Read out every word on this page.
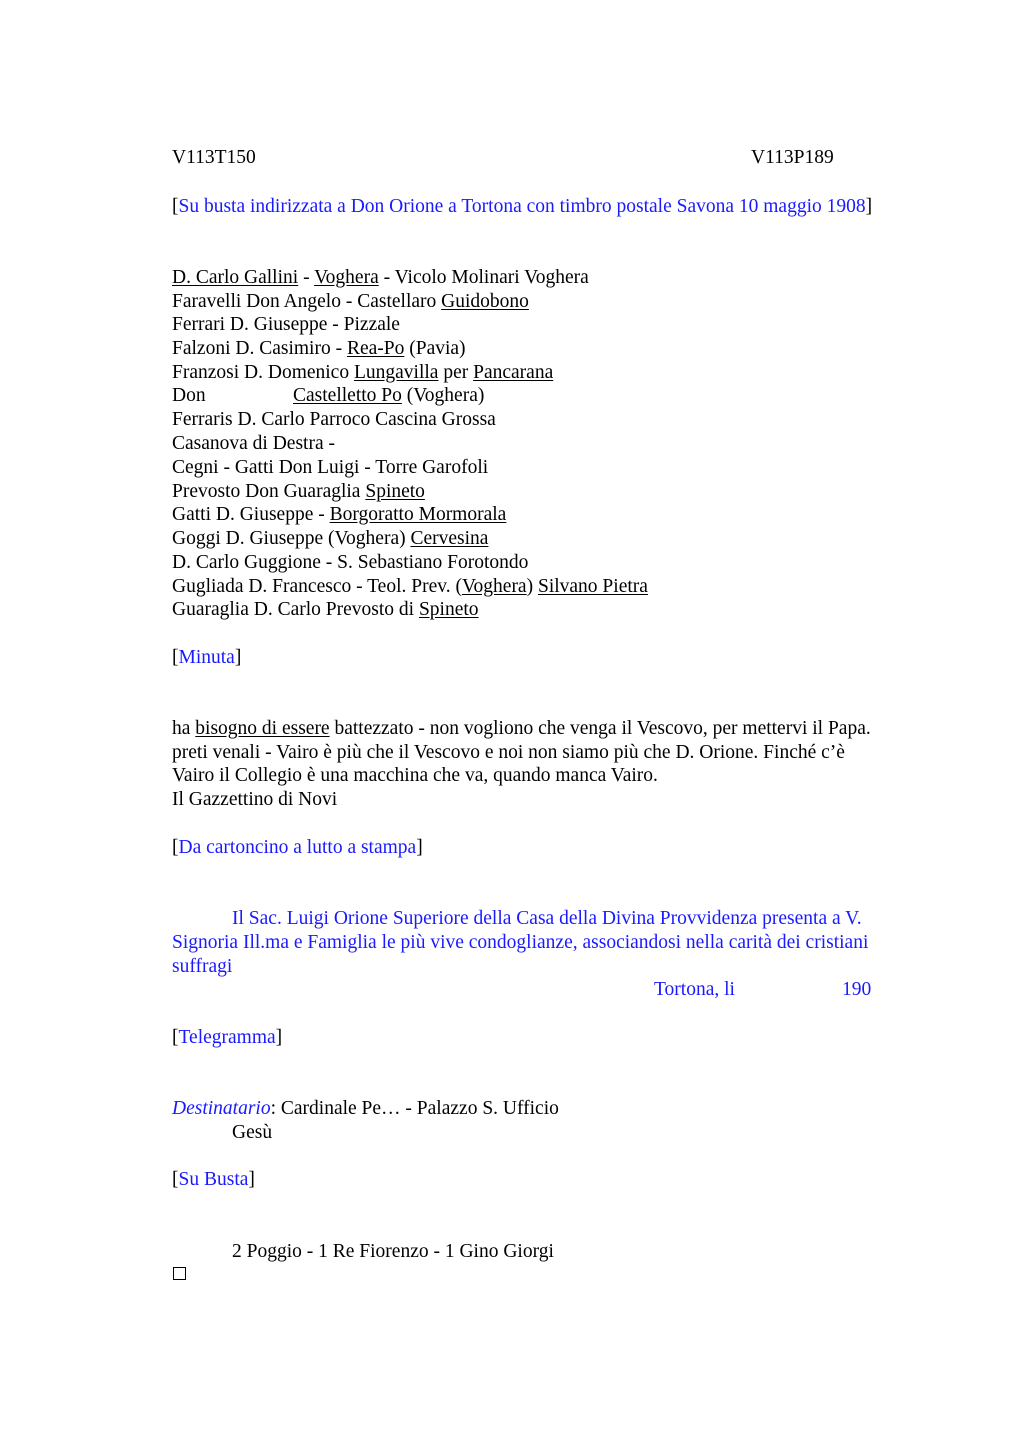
V113T150	V113P189
[Su busta indirizzata a Don Orione a Tortona con timbro postale Savona 10 maggio 1908]
D. Carlo Gallini - Voghera - Vicolo Molinari Voghera
Faravelli Don Angelo - Castellaro Guidobono
Ferrari D. Giuseppe - Pizzale
Falzoni D. Casimiro - Rea-Po (Pavia)
Franzosi D. Domenico Lungavilla per Pancarana
Don	Castelletto Po (Voghera)
Ferraris D. Carlo Parroco Cascina Grossa
Casanova di Destra -
Cegni - Gatti Don Luigi - Torre Garofoli
Prevosto Don Guaraglia Spineto
Gatti D. Giuseppe - Borgoratto Mormorala
Goggi D. Giuseppe (Voghera) Cervesina
D. Carlo Guggione - S. Sebastiano Forotondo
Gugliada D. Francesco - Teol. Prev. (Voghera) Silvano Pietra
Guaraglia D. Carlo Prevosto di Spineto
[Minuta]
ha bisogno di essere battezzato - non vogliono che venga il Vescovo, per mettervi il Papa.
preti venali - Vairo è più che il Vescovo e noi non siamo più che D. Orione. Finché c’è
Vairo il Collegio è una macchina che va, quando manca Vairo.
Il Gazzettino di Novi
[Da cartoncino a lutto a stampa]
Il Sac. Luigi Orione Superiore della Casa della Divina Provvidenza presenta a V.
Signoria Ill.ma e Famiglia le più vive condoglianze, associandosi nella carità dei cristiani
suffragi
Tortona, li	190
[Telegramma]
Destinatario: Cardinale Pe… - Palazzo S. Ufficio
Gesù
[Su Busta]
2 Poggio - 1 Re Fiorenzo - 1 Gino Giorgi
